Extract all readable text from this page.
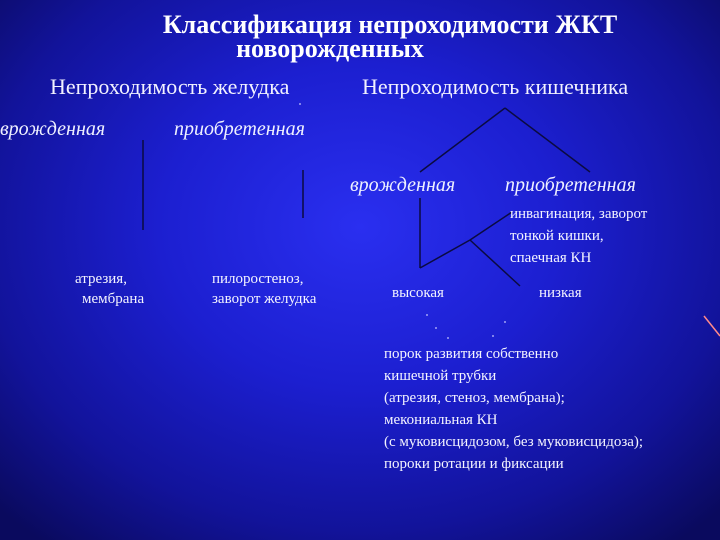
Классификация непроходимости ЖКТ
новорожденных
Непроходимость желудка	Непроходимость кишечника
врожденная	приобретенная
врожденная приобретенная
атрезия,
мембрана
пилоростеноз,
заворот желудка
инвагинация, заворот
тонкой кишки,
спаечная КН
высокая	низкая
порок развития собственно
кишечной трубки
(атрезия, стеноз, мембрана);
мекониальная КН
(с муковисцидозом, без муковисцидоза);
пороки ротации и фиксации
